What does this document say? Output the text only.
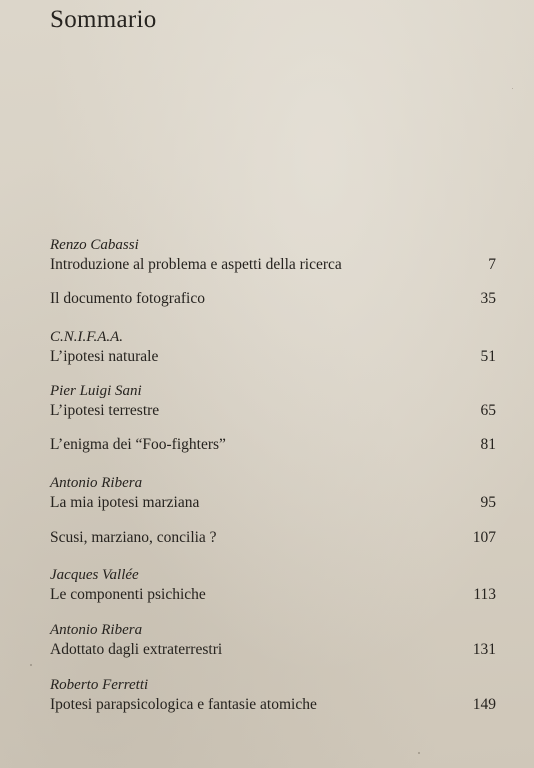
Sommario
Renzo Cabassi
Introduzione al problema e aspetti della ricerca	7
Il documento fotografico	35
C.N.I.F.A.A.
L’ipotesi naturale	51
Pier Luigi Sani
L’ipotesi terrestre	65
L’enigma dei “Foo-fighters”	81
Antonio Ribera
La mia ipotesi marziana	95
Scusi, marziano, concilia ?	107
Jacques Vallée
Le componenti psichiche	113
Antonio Ribera
Adottato dagli extraterrestri	131
Roberto Ferretti
Ipotesi parapsicologica e fantasie atomiche	149
